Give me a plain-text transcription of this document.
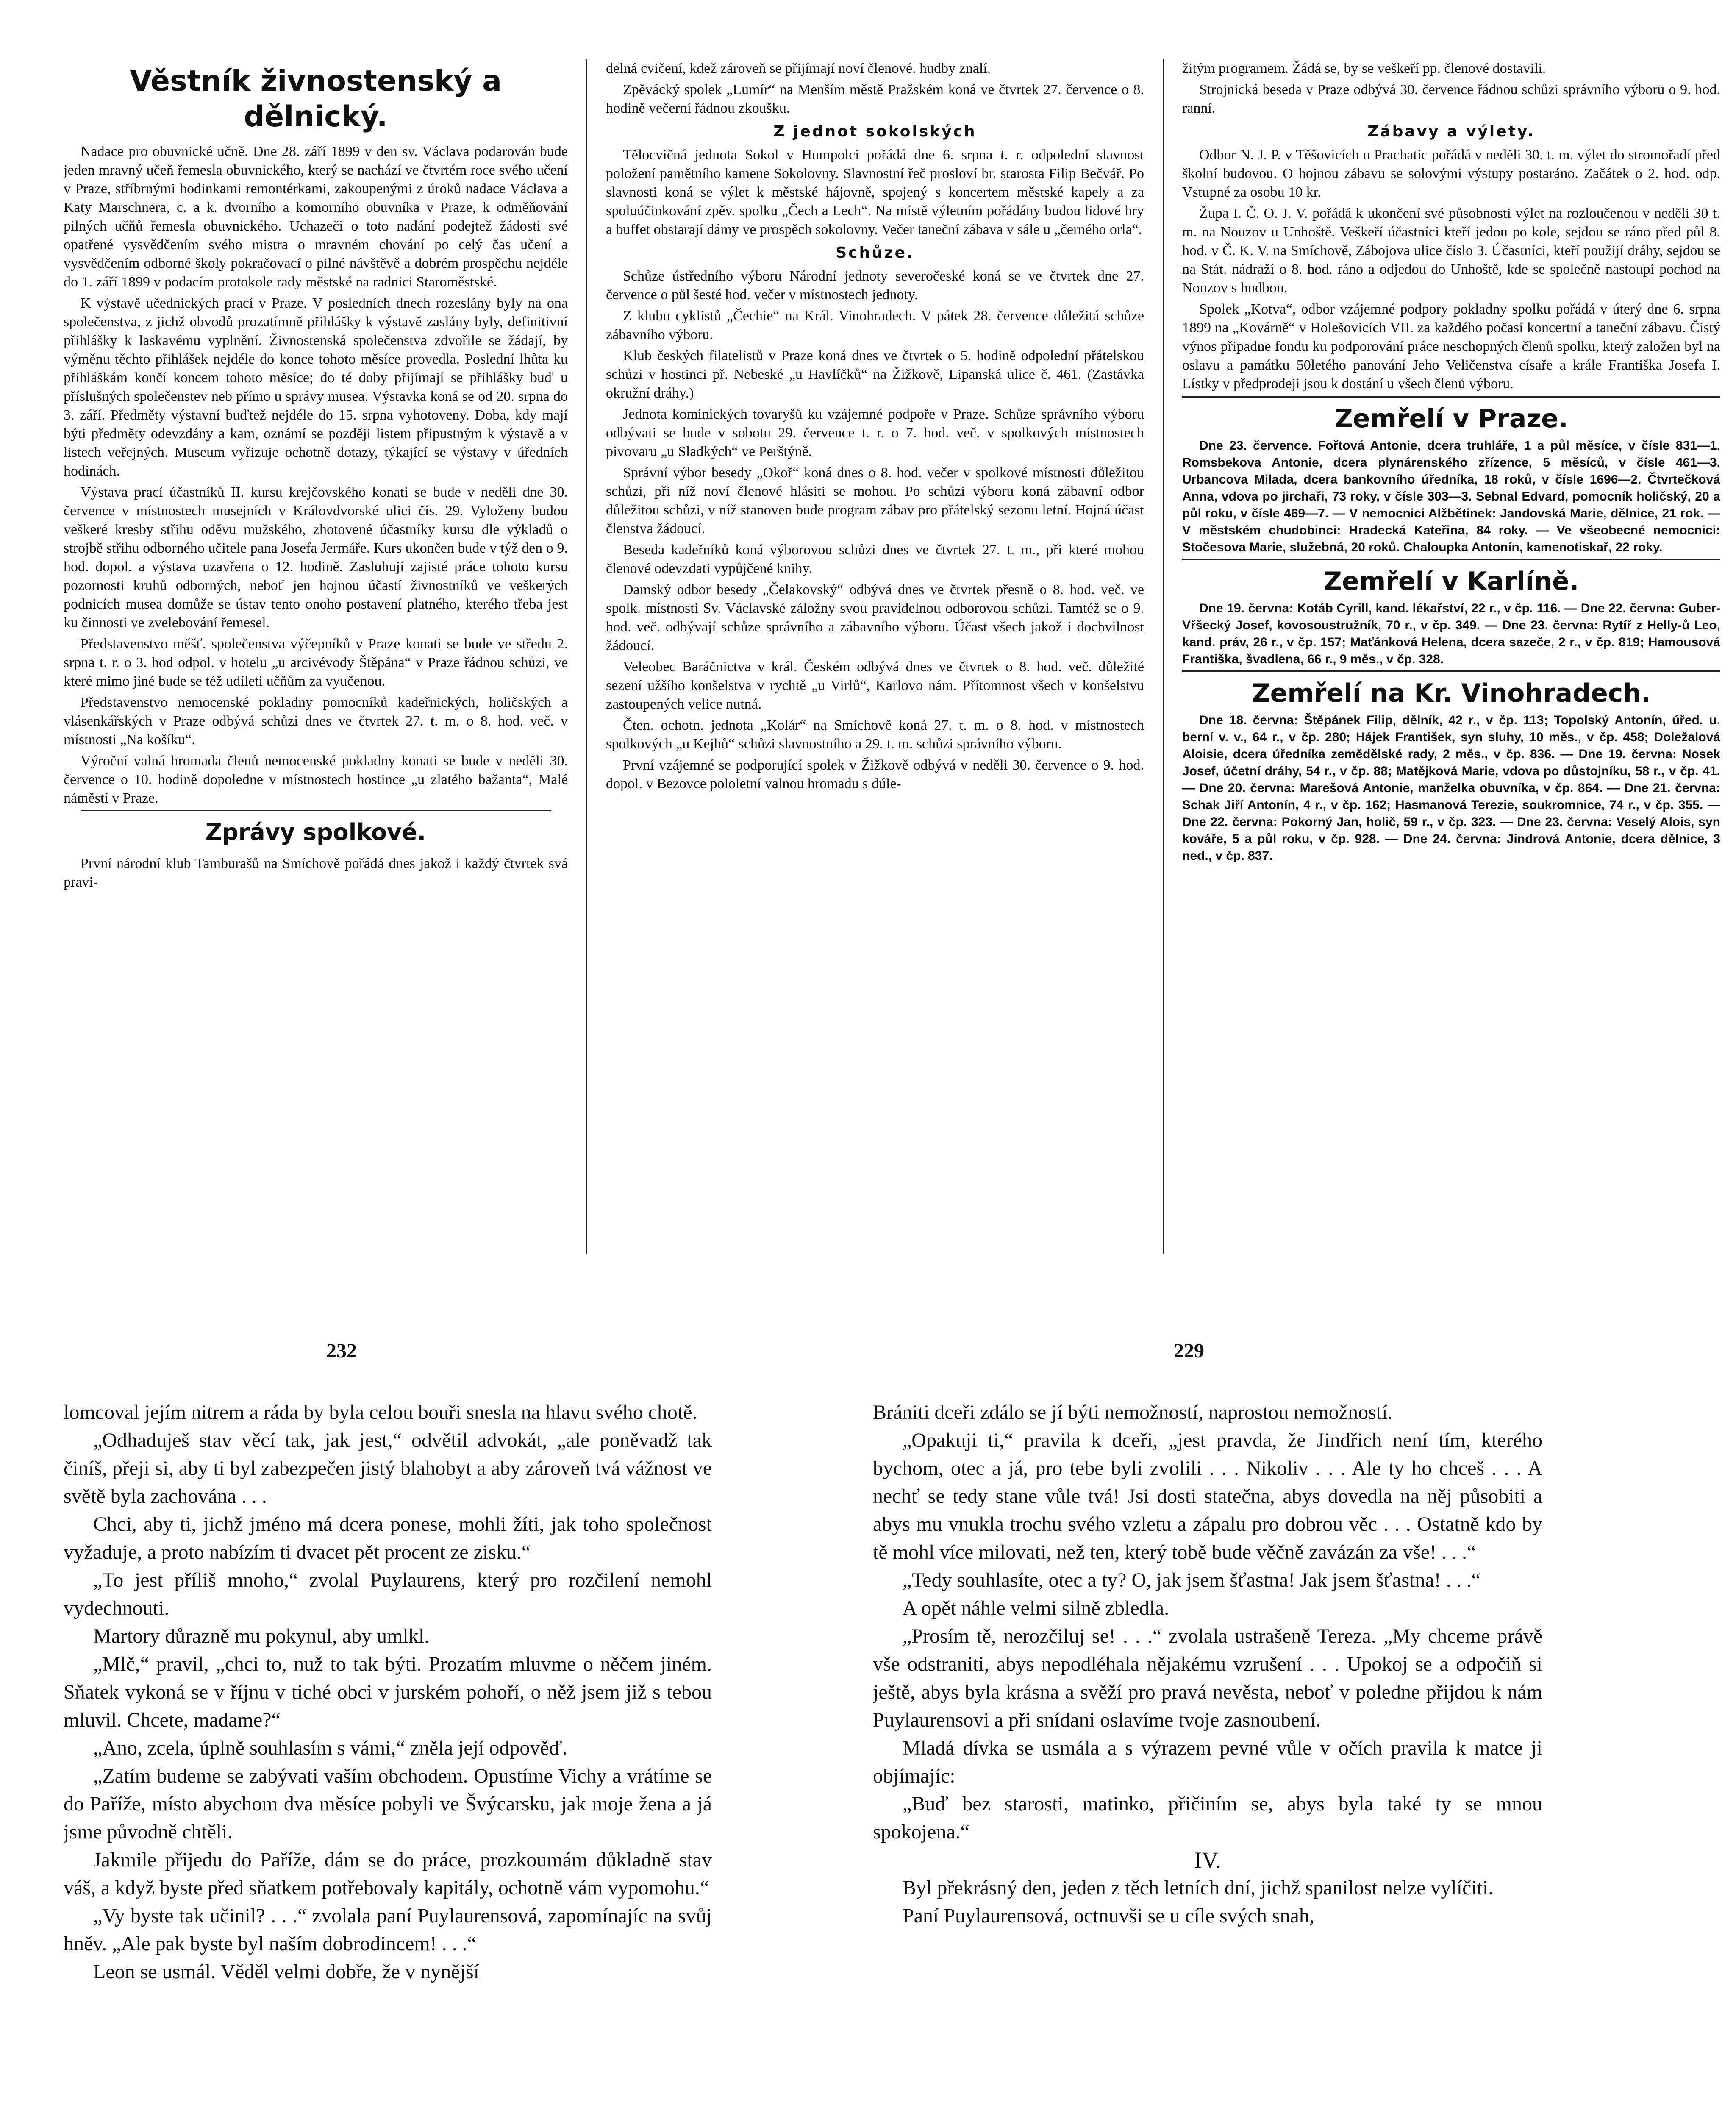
Věstník živnostenský a dělnický.

Nadace pro obuvnické učně. Dne 28. září 1899 v den sv. Václava podarován bude jeden mravný učeň řemesla obuvnického, který se nachází ve čtvrtém roce svého učení v Praze, stříbrnými hodinkami remontérkami, zakoupenými z úroků nadace Václava a Katy Marschnera, c. a k. dvorního a komorního obuvníka v Praze, k odměňování pilných učňů řemesla obuvnického. Uchazeči o toto nadání podejtež žádosti své opatřené vysvědčením svého mistra o mravném chování po celý čas učení a vysvědčením odborné školy pokračovací o pilné návštěvě a dobrém prospěchu nejdéle do 1. září 1899 v podacím protokole rady městské na radnici Staroměstské.

K výstavě učednických prací v Praze. V posledních dnech rozeslány byly na ona společenstva, z jichž obvodů prozatímně přihlášky k výstavě zaslány byly, definitivní přihlášky k laskavému vyplnění. Živnostenská společenstva zdvořile se žádají, by výměnu těchto přihlášek nejdéle do konce tohoto měsíce provedla. Poslední lhůta ku přihláškám končí koncem tohoto měsíce; do té doby přijímají se přihlášky buď u příslušných společenstev neb přímo u správy musea. Výstavka koná se od 20. srpna do 3. září. Předměty výstavní buďtež nejdéle do 15. srpna vyhotoveny. Doba, kdy mají býti předměty odevzdány a kam, oznámí se později listem připustným k výstavě a v listech veřejných. Museum vyřizuje ochotně dotazy, týkající se výstavy v úředních hodinách.

Výstava prací účastníků II. kursu krejčovského konati se bude v neděli dne 30. července v místnostech musejních v Královdvorské ulici čís. 29. Vyloženy budou veškeré kresby střihu oděvu mužského, zhotovené účastníky kursu dle výkladů o strojbě střihu odborného učitele pana Josefa Jermáře. Kurs ukončen bude v týž den o 9. hod. dopol. a výstava uzavřena o 12. hodině. Zasluhují zajisté práce tohoto kursu pozornosti kruhů odborných, neboť jen hojnou účastí živnostníků ve veškerých podnicích musea domůže se ústav tento onoho postavení platného, kterého třeba jest ku činnosti ve zvelebování řemesel.

Představenstvo měšť. společenstva výčepníků v Praze konati se bude ve středu 2. srpna t. r. o 3. hod odpol. v hotelu „u arcivévody Štěpána“ v Praze řádnou schůzi, ve které mimo jiné bude se též udíleti učňům za vyučenou.

Představenstvo nemocenské pokladny pomocníků kadeřnických, holičských a vlásenkářských v Praze odbývá schůzi dnes ve čtvrtek 27. t. m. o 8. hod. več. v místnosti „Na košíku“.

Výroční valná hromada členů nemocenské pokladny konati se bude v neděli 30. července o 10. hodině dopoledne v místnostech hostince „u zlatého bažanta“, Malé náměstí v Praze.

Zprávy spolkové.

První národní klub Tamburašů na Smíchově pořádá dnes jakož i každý čtvrtek svá pravi-

delná cvičení, kdež zároveň se přijímají noví členové. hudby znalí.

Zpěvácký spolek „Lumír“ na Menším městě Pražském koná ve čtvrtek 27. července o 8. hodině večerní řádnou zkoušku.

Z jednot sokolských

Tělocvičná jednota Sokol v Humpolci pořádá dne 6. srpna t. r. odpolední slavnost položení pamětního kamene Sokolovny. Slavnostní řeč prosloví br. starosta Filip Bečvář. Po slavnosti koná se výlet k městské hájovně, spojený s koncertem městské kapely a za spoluúčinkování zpěv. spolku „Čech a Lech“. Na místě výletním pořádány budou lidové hry a buffet obstarají dámy ve prospěch sokolovny. Večer taneční zábava v sále u „černého orla“.

Schůze.

Schůze ústředního výboru Národní jednoty severočeské koná se ve čtvrtek dne 27. července o půl šesté hod. večer v místnostech jednoty.

Z klubu cyklistů „Čechie“ na Král. Vinohradech. V pátek 28. července důležitá schůze zábavního výboru.

Klub českých filatelistů v Praze koná dnes ve čtvrtek o 5. hodině odpolední přátelskou schůzi v hostinci př. Nebeské „u Havlíčků“ na Žižkově, Lipanská ulice č. 461. (Zastávka okružní dráhy.)

Jednota kominických tovaryšů ku vzájemné podpoře v Praze. Schůze správního výboru odbývati se bude v sobotu 29. července t. r. o 7. hod. več. v spolkových místnostech pivovaru „u Sladkých“ ve Perštýně.

Správní výbor besedy „Okoř“ koná dnes o 8. hod. večer v spolkové místnosti důležitou schůzi, při níž noví členové hlásiti se mohou. Po schůzi výboru koná zábavní odbor důležitou schůzi, v níž stanoven bude program zábav pro přátelský sezonu letní. Hojná účast členstva žádoucí.

Beseda kadeřníků koná výborovou schůzi dnes ve čtvrtek 27. t. m., při které mohou členové odevzdati vypůjčené knihy.

Damský odbor besedy „Čelakovský“ odbývá dnes ve čtvrtek přesně o 8. hod. več. ve spolk. místnosti Sv. Václavské záložny svou pravidelnou odborovou schůzi. Tamtéž se o 9. hod. več. odbývají schůze správního a zábavního výboru. Účast všech jakož i dochvilnost žádoucí.

Veleobec Baráčnictva v král. Českém odbývá dnes ve čtvrtek o 8. hod. več. důležité sezení užšího konšelstva v rychtě „u Virlů“, Karlovo nám. Přítomnost všech v konšelstvu zastoupených velice nutná.

Čten. ochotn. jednota „Kolár“ na Smíchově koná 27. t. m. o 8. hod. v místnostech spolkových „u Kejhů“ schůzi slavnostního a 29. t. m. schůzi správního výboru.

První vzájemné se podporující spolek v Žižkově odbývá v neděli 30. července o 9. hod. dopol. v Bezovce pololetní valnou hromadu s dúle-

žitým programem. Žádá se, by se veškeří pp. členové dostavili.

Strojnická beseda v Praze odbývá 30. července řádnou schůzi správního výboru o 9. hod. ranní.

Zábavy a výlety.

Odbor N. J. P. v Těšovicích u Prachatic pořádá v neděli 30. t. m. výlet do stromořadí před školní budovou. O hojnou zábavu se solovými výstupy postaráno. Začátek o 2. hod. odp. Vstupné za osobu 10 kr.

Župa I. Č. O. J. V. pořádá k ukončení své působnosti výlet na rozloučenou v neděli 30 t. m. na Nouzov u Unhoště. Veškeří účastníci kteří jedou po kole, sejdou se ráno před půl 8. hod. v Č. K. V. na Smíchově, Zábojova ulice číslo 3. Účastníci, kteří použijí dráhy, sejdou se na Stát. nádraží o 8. hod. ráno a odjedou do Unhoště, kde se společně nastoupí pochod na Nouzov s hudbou.

Spolek „Kotva“, odbor vzájemné podpory pokladny spolku pořádá v úterý dne 6. srpna 1899 na „Kovárně“ v Holešovicích VII. za každého počasí koncertní a taneční zábavu. Čistý výnos připadne fondu ku podporování práce neschopných členů spolku, který založen byl na oslavu a památku 50letého panování Jeho Veličenstva císaře a krále Františka Josefa I. Lístky v předprodeji jsou k dostání u všech členů výboru.

Zemřelí v Praze.

Dne 23. července. Fořtová Antonie, dcera truhláře, 1 a půl měsíce, v čísle 831—1. Romsbekova Antonie, dcera plynárenského zřízence, 5 měsíců, v čísle 461—3. Urbancova Milada, dcera bankovního úředníka, 18 roků, v čísle 1696—2. Čtvrtečková Anna, vdova po jirchaři, 73 roky, v čísle 303—3. Sebnal Edvard, pomocník holičský, 20 a půl roku, v čísle 469—7. — V nemocnici Alžbětinek: Jandovská Marie, dělnice, 21 rok. — V městském chudobinci: Hradecká Kateřina, 84 roky. — Ve všeobecné nemocnici: Stočesova Marie, služebná, 20 roků. Chaloupka Antonín, kamenotiskař, 22 roky.

Zemřelí v Karlíně.

Dne 19. června: Kotáb Cyrill, kand. lékařství, 22 r., v čp. 116. — Dne 22. června: Guber-Vřšecký Josef, kovosoustružník, 70 r., v čp. 349. — Dne 23. června: Rytíř z Helly-ů Leo, kand. práv, 26 r., v čp. 157; Maťánková Helena, dcera sazeče, 2 r., v čp. 819; Hamousová Františka, švadlena, 66 r., 9 měs., v čp. 328.

Zemřelí na Kr. Vinohradech.

Dne 18. června: Štěpánek Filip, dělník, 42 r., v čp. 113; Topolský Antonín, úřed. u. berní v. v., 64 r., v čp. 280; Hájek František, syn sluhy, 10 měs., v čp. 458; Doležalová Aloisie, dcera úředníka zemědělské rady, 2 měs., v čp. 836. — Dne 19. června: Nosek Josef, účetní dráhy, 54 r., v čp. 88; Matějková Marie, vdova po důstojníku, 58 r., v čp. 41. — Dne 20. června: Marešová Antonie, manželka obuvníka, v čp. 864. — Dne 21. června: Schak Jiří Antonín, 4 r., v čp. 162; Hasmanová Terezie, soukromnice, 74 r., v čp. 355. — Dne 22. června: Pokorný Jan, holič, 59 r., v čp. 323. — Dne 23. června: Veselý Alois, syn kováře, 5 a půl roku, v čp. 928. — Dne 24. června: Jindrová Antonie, dcera dělnice, 3 ned., v čp. 837.

232	229

lomcoval jejím nitrem a ráda by byla celou bouři snesla na hlavu svého chotě.

„Odhaduješ stav věcí tak, jak jest,“ odvětil advokát, „ale poněvadž tak činíš, přeji si, aby ti byl zabezpečen jistý blahobyt a aby zároveň tvá vážnost ve světě byla zachována . . .

Chci, aby ti, jichž jméno má dcera ponese, mohli žíti, jak toho společnost vyžaduje, a proto nabízím ti dvacet pět procent ze zisku.“

„To jest příliš mnoho,“ zvolal Puylaurens, který pro rozčilení nemohl vydechnouti.

Martory důrazně mu pokynul, aby umlkl.

„Mlč,“ pravil, „chci to, nuž to tak býti. Prozatím mluvme o něčem jiném. Sňatek vykoná se v říjnu v tiché obci v jurském pohoří, o něž jsem již s tebou mluvil. Chcete, madame?“

„Ano, zcela, úplně souhlasím s vámi,“ zněla její odpověď.

„Zatím budeme se zabývati vaším obchodem. Opustíme Vichy a vrátíme se do Paříže, místo abychom dva měsíce pobyli ve Švýcarsku, jak moje žena a já jsme původně chtěli.

Jakmile přijedu do Paříže, dám se do práce, prozkoumám důkladně stav váš, a když byste před sňatkem potřebovaly kapitály, ochotně vám vypomohu.“

„Vy byste tak učinil? . . .“ zvolala paní Puylaurensová, zapomínajíc na svůj hněv. „Ale pak byste byl naším dobrodincem! . . .“

Leon se usmál. Věděl velmi dobře, že v nynější

Brániti dceři zdálo se jí býti nemožností, naprostou nemožností.

„Opakuji ti,“ pravila k dceři, „jest pravda, že Jindřich není tím, kterého bychom, otec a já, pro tebe byli zvolili . . . Nikoliv . . . Ale ty ho chceš . . . A nechť se tedy stane vůle tvá! Jsi dosti statečna, abys dovedla na něj působiti a abys mu vnukla trochu svého vzletu a zápalu pro dobrou věc . . . Ostatně kdo by tě mohl více milovati, než ten, který tobě bude věčně zavázán za vše! . . .“

„Tedy souhlasíte, otec a ty? O, jak jsem šťastna! Jak jsem šťastna! . . .“

A opět náhle velmi silně zbledla.

„Prosím tě, nerozčiluj se! . . .“ zvolala ustrašeně Tereza. „My chceme právě vše odstraniti, abys nepodléhala nějakému vzrušení . . . Upokoj se a odpočiň si ještě, abys byla krásna a svěží pro pravá nevěsta, neboť v poledne přijdou k nám Puylaurensovi a při snídani oslavíme tvoje zasnoubení.

Mladá dívka se usmála a s výrazem pevné vůle v očích pravila k matce ji objímajíc:

„Buď bez starosti, matinko, přičiním se, abys byla také ty se mnou spokojena.“

IV.

Byl překrásný den, jeden z těch letních dní, jichž spanilost nelze vylíčiti.

Paní Puylaurensová, octnuvši se u cíle svých snah,
